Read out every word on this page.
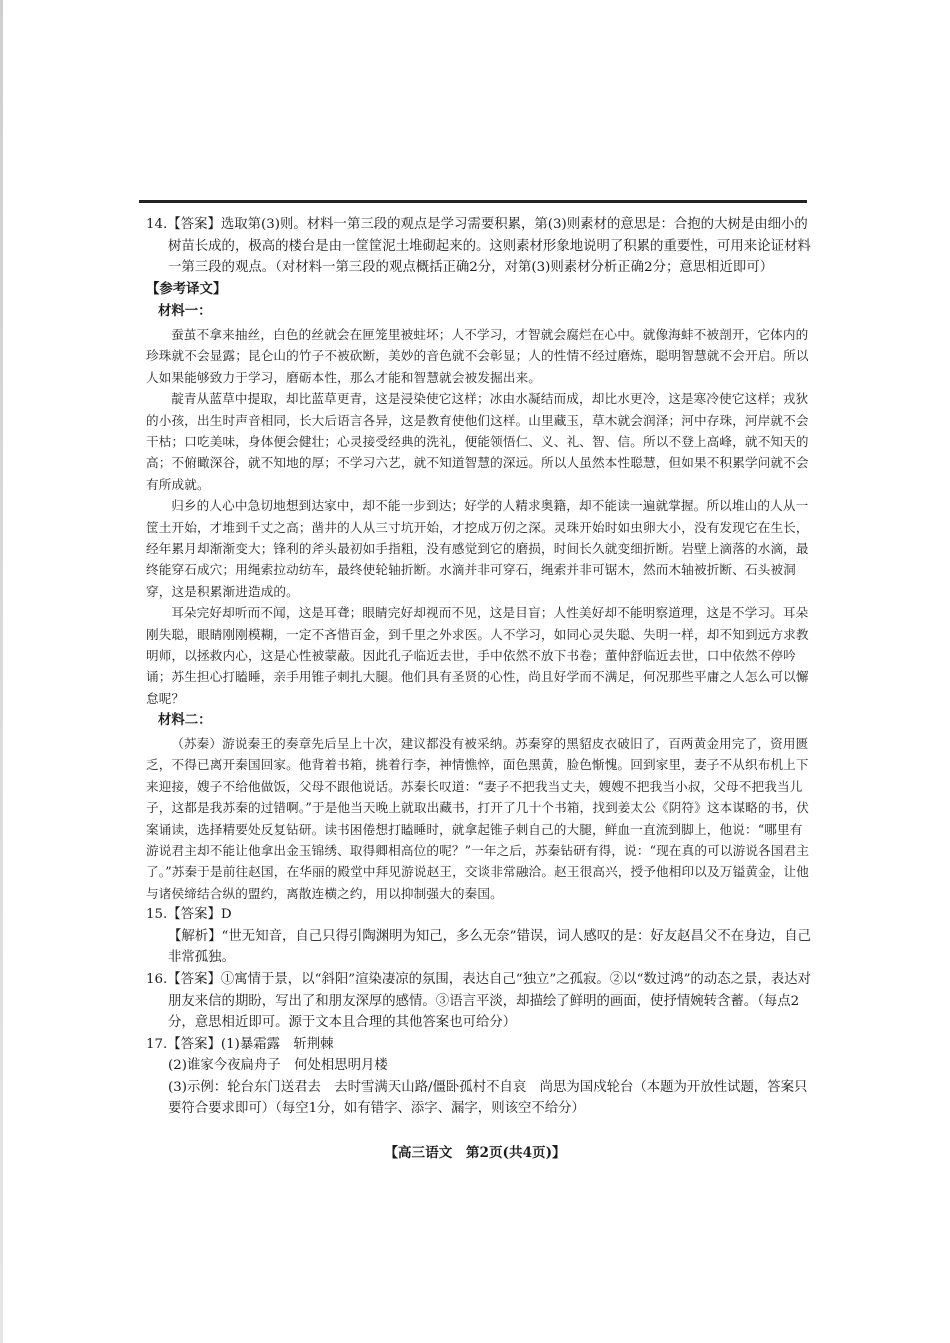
14.【答案】选取第(3)则。材料一第三段的观点是学习需要积累，第(3)则素材的意思是：合抱的大树是由细小的树苗长成的，极高的楼台是由一筐筐泥土堆砌起来的。这则素材形象地说明了积累的重要性，可用来论证材料一第三段的观点。（对材料一第三段的观点概括正确2分，对第(3)则素材分析正确2分；意思相近即可）

【参考译文】

材料一：

蚕茧不拿来抽丝，白色的丝就会在匣笼里被蛀坏；人不学习，才智就会腐烂在心中。就像海蚌不被剖开，它体内的珍珠就不会显露；昆仑山的竹子不被砍断，美妙的音色就不会彰显；人的性情不经过磨炼，聪明智慧就不会开启。所以人如果能够致力于学习，磨砺本性，那么才能和智慧就会被发掘出来。

靛青从蓝草中提取，却比蓝草更青，这是浸染使它这样；冰由水凝结而成，却比水更冷，这是寒冷使它这样；戎狄的小孩，出生时声音相同，长大后语言各异，这是教育使他们这样。山里藏玉，草木就会润泽；河中存珠，河岸就不会干枯；口吃美味，身体便会健壮；心灵接受经典的洗礼，便能领悟仁、义、礼、智、信。所以不登上高峰，就不知天的高；不俯瞰深谷，就不知地的厚；不学习六艺，就不知道智慧的深远。所以人虽然本性聪慧，但如果不积累学问就不会有所成就。

归乡的人心中急切地想到达家中，却不能一步到达；好学的人精求奥籍，却不能读一遍就掌握。所以堆山的人从一筐土开始，才堆到千丈之高；凿井的人从三寸坑开始，才挖成万仞之深。灵珠开始时如虫卵大小，没有发现它在生长，经年累月却渐渐变大；锋利的斧头最初如手指粗，没有感觉到它的磨损，时间长久就变细折断。岩壁上滴落的水滴，最终能穿石成穴；用绳索拉动纺车，最终使轮轴折断。水滴并非可穿石，绳索并非可锯木，然而木轴被折断、石头被洞穿，这是积累渐进造成的。

耳朵完好却听而不闻，这是耳聋；眼睛完好却视而不见，这是目盲；人性美好却不能明察道理，这是不学习。耳朵刚失聪，眼睛刚刚模糊，一定不吝惜百金，到千里之外求医。人不学习，如同心灵失聪、失明一样，却不知到远方求教明师，以拯救内心，这是心性被蒙蔽。因此孔子临近去世，手中依然不放下书卷；董仲舒临近去世，口中依然不停吟诵；苏生担心打瞌睡，亲手用锥子刺扎大腿。他们具有圣贤的心性，尚且好学而不满足，何况那些平庸之人怎么可以懈怠呢？

材料二：

（苏秦）游说秦王的奏章先后呈上十次，建议都没有被采纳。苏秦穿的黑貂皮衣破旧了，百两黄金用完了，资用匮乏，不得已离开秦国回家。他背着书箱，挑着行李，神情憔悴，面色黑黄，脸色惭愧。回到家里，妻子不从织布机上下来迎接，嫂子不给他做饭，父母不跟他说话。苏秦长叹道：“妻子不把我当丈夫，嫂嫂不把我当小叔，父母不把我当儿子，这都是我苏秦的过错啊。”于是他当天晚上就取出藏书，打开了几十个书箱，找到姜太公《阴符》这本谋略的书，伏案诵读，选择精要处反复钻研。读书困倦想打瞌睡时，就拿起锥子刺自己的大腿，鲜血一直流到脚上，他说：“哪里有游说君主却不能让他拿出金玉锦绣、取得卿相高位的呢？”一年之后，苏秦钻研有得，说：“现在真的可以游说各国君主了。”苏秦于是前往赵国，在华丽的殿堂中拜见游说赵王，交谈非常融洽。赵王很高兴，授予他相印以及万镒黄金，让他与诸侯缔结合纵的盟约，离散连横之约，用以抑制强大的秦国。

15.【答案】D

【解析】“世无知音，自己只得引陶渊明为知己，多么无奈”错误，词人感叹的是：好友赵昌父不在身边，自己非常孤独。

16.【答案】①寓情于景，以“斜阳”渲染凄凉的氛围，表达自己“独立”之孤寂。②以“数过鸿”的动态之景，表达对朋友来信的期盼，写出了和朋友深厚的感情。③语言平淡，却描绘了鲜明的画面，使抒情婉转含蓄。（每点2分，意思相近即可。源于文本且合理的其他答案也可给分）

17.【答案】(1)暴霜露　斩荆棘

(2)谁家今夜扁舟子　何处相思明月楼

(3)示例：轮台东门送君去　去时雪满天山路/僵卧孤村不自哀　尚思为国戍轮台（本题为开放性试题，答案只要符合要求即可）（每空1分，如有错字、添字、漏字，则该空不给分）

【高三语文　第2页(共4页)】
